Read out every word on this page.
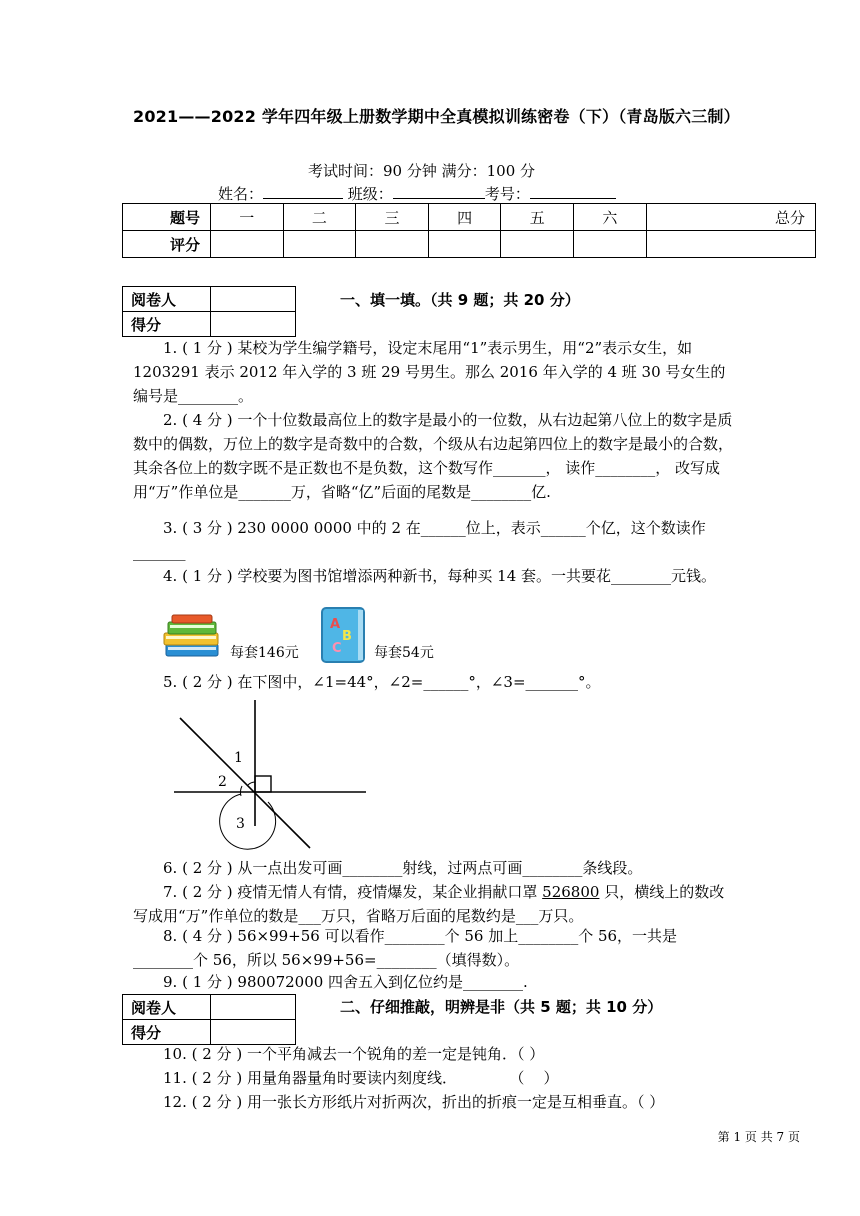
2021——2022 学年四年级上册数学期中全真模拟训练密卷（下）（青岛版六三制）
考试时间：90 分钟 满分：100 分
姓名：	班级：	考号：
题号	一	二	三	四	五	六	总分
评分							
阅卷人	
得分	
一、填一填。（共 9 题；共 20 分）

1. ( 1 分 ) 某校为学生编学籍号，设定末尾用“1”表示男生，用“2”表示女生，如 1203291 表示 2012 年入学的 3 班 29 号男生。那么 2016 年入学的 4 班 30 号女生的编号是________。

2. ( 4 分 ) 一个十位数最高位上的数字是最小的一位数，从右边起第八位上的数字是质数中的偶数，万位上的数字是奇数中的合数，个级从右边起第四位上的数字是最小的合数，其余各位上的数字既不是正数也不是负数，这个数写作_______， 读作________， 改写成用“万”作单位是_______万，省略“亿”后面的尾数是________亿.

3. ( 3 分 ) 230 0000 0000 中的 2 在______位上，表示______个亿，这个数读作_______

4. ( 1 分 ) 学校要为图书馆增添两种新书，每种买 14 套。一共要花________元钱。

每套146元
A
B
C 每套54元

5. ( 2 分 ) 在下图中，∠1=44°，∠2=______°，∠3=_______°。

1
2
3

6. ( 2 分 ) 从一点出发可画________射线，过两点可画________条线段。

7. ( 2 分 ) 疫情无情人有情，疫情爆发，某企业捐献口罩 526800 只，横线上的数改写成用“万”作单位的数是___万只，省略万后面的尾数约是___万只。

8. ( 4 分 ) 56×99+56 可以看作________个 56 加上________个 56，一共是________个 56，所以 56×99+56=________（填得数）。

9. ( 1 分 ) 980072000 四舍五入到亿位约是________.

阅卷人	
得分	
二、仔细推敲，明辨是非（共 5 题；共 10 分）

10. ( 2 分 ) 一个平角减去一个锐角的差一定是钝角．（ ）

11. ( 2 分 ) 用量角器量角时要读内刻度线．           （    ）

12. ( 2 分 ) 用一张长方形纸片对折两次，折出的折痕一定是互相垂直。（ ）

第 1 页 共 7 页
